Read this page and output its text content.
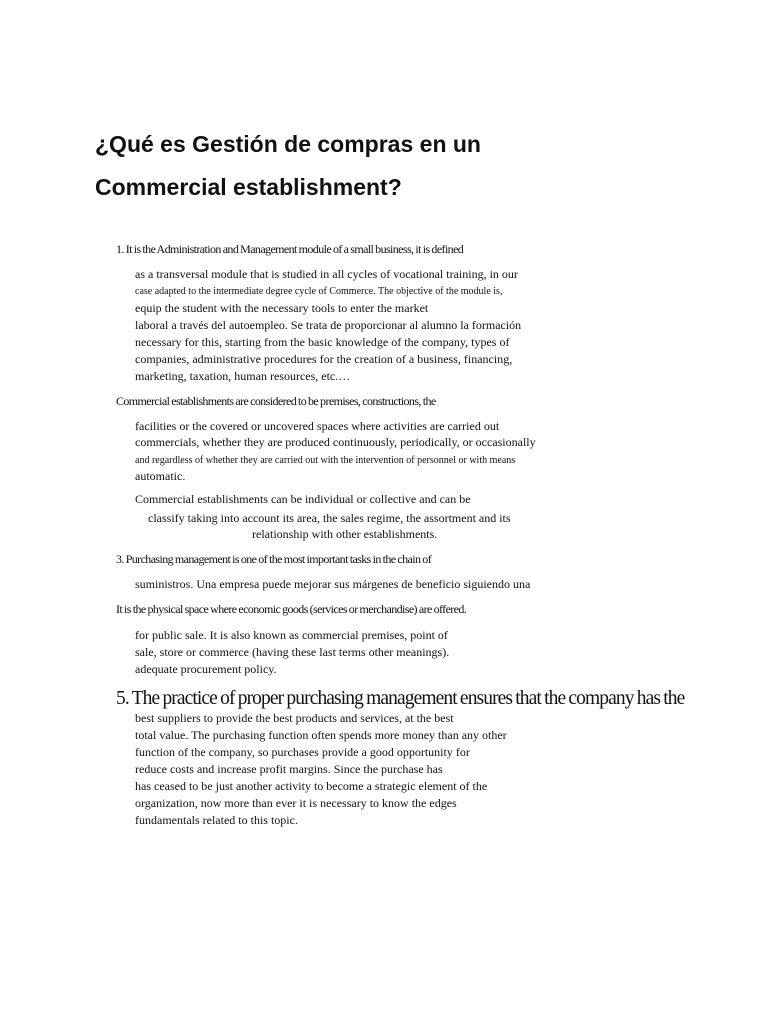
¿Qué es Gestión de compras en un
Commercial establishment?

1. It is the Administration and Management module of a small business, it is defined

as a transversal module that is studied in all cycles of vocational training, in our

case adapted to the intermediate degree cycle of Commerce. The objective of the module is,

equip the student with the necessary tools to enter the market

laboral a través del autoempleo. Se trata de proporcionar al alumno la formación

necessary for this, starting from the basic knowledge of the company, types of

companies, administrative procedures for the creation of a business, financing,

marketing, taxation, human resources, etc.…

Commercial establishments are considered to be premises, constructions, the

facilities or the covered or uncovered spaces where activities are carried out

commercials, whether they are produced continuously, periodically, or occasionally

and regardless of whether they are carried out with the intervention of personnel or with means

automatic.

Commercial establishments can be individual or collective and can be

classify taking into account its area, the sales regime, the assortment and its

relationship with other establishments.

3. Purchasing management is one of the most important tasks in the chain of

suministros. Una empresa puede mejorar sus márgenes de beneficio siguiendo una

It is the physical space where economic goods (services or merchandise) are offered.

for public sale. It is also known as commercial premises, point of

sale, store or commerce (having these last terms other meanings).

adequate procurement policy.

5. The practice of proper purchasing management ensures that the company has the

best suppliers to provide the best products and services, at the best

total value. The purchasing function often spends more money than any other

function of the company, so purchases provide a good opportunity for

reduce costs and increase profit margins. Since the purchase has

has ceased to be just another activity to become a strategic element of the

organization, now more than ever it is necessary to know the edges

fundamentals related to this topic.
